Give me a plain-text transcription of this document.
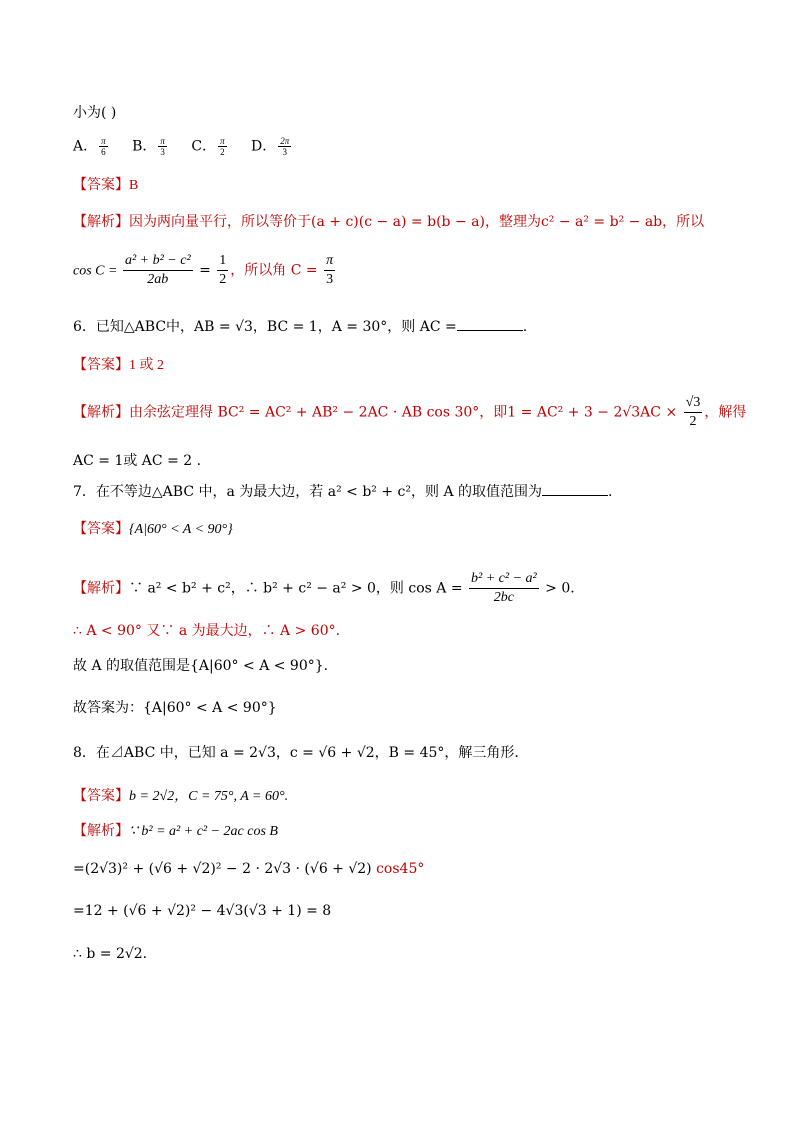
小为( )
A． $\frac{\pi}{6}$ B． $\frac{\pi}{3}$ C． $\frac{\pi}{2}$ D． $\frac{2\pi}{3}$
【答案】B
【解析】因为两向量平行，所以等价于(a + c)(c − a) = b(b − a)，整理为c² − a² = b² − ab，所以
$\cos C = \frac{\text{a² + b² − c²}}{2ab} = \frac{1}{2}$ ，所以角 $C = \frac{\pi}{3}$
6．已知△ABC中，AB = √3，BC = 1，A = 30°，则 AC =	.
【答案】1 或 2
【解析】由余弦定理得 BC² = AC² + AB² − 2AC · AB cos 30°，即$1 = AC^2 + 3 - 2√3AC \times \frac{√3}{2}$ ，解得
AC = 1或 AC = 2 .
7．在不等边△ABC 中，a 为最大边，若 a² < b² + c²，则 A 的取值范围为	.
【答案】{A|60° < A < 90°}
【解析】∵ a² < b² + c²，∴ b² + c² − a² > 0，则 $\cos A = \frac{\text{b² + c² − a²}}{2bc} > 0$.
∴ A < 90° 又∵ a 为最大边，∴ A > 60°.
故 A 的取值范围是{A|60° < A < 90°}.
故答案为：{A|60° < A < 90°}
8．在⊿ABC 中，已知 a = 2√3，c = √6 + √2，B = 45°，解三角形.
【答案】b = 2√2，C = 75°, A = 60°.
【解析】∵ b² = a² + c² − 2ac cos B
=(2√3)² + (√6 + √2)² − 2 · 2√3 · (√6 + √2) cos45°
=12 + (√6 + √2)² − 4√3(√3 + 1) = 8
∴ b = 2√2.
